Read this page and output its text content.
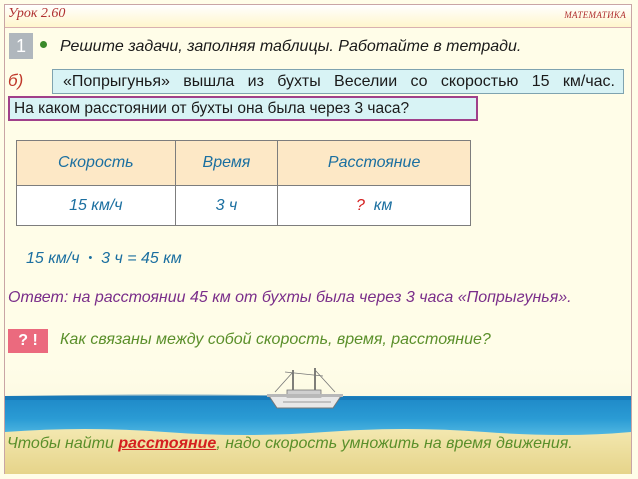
Урок 2.60	МАТЕМАТИКА
1	Решите задачи, заполняя таблицы. Работайте в тетради.
б)	«Попрыгунья» вышла из бухты Веселии со скоростью 15 км/час.
На каком расстоянии от бухты она была через 3 часа?
Скорость	Время	Расстояние
15 км/ч	3 ч	? км
15 км/ч • 3 ч = 45 км
Ответ: на расстоянии 45 км от бухты была через 3 часа «Попрыгунья».
? !	Как связаны между собой скорость, время, расстояние?
Чтобы найти расстояние, надо скорость умножить на время движения.
